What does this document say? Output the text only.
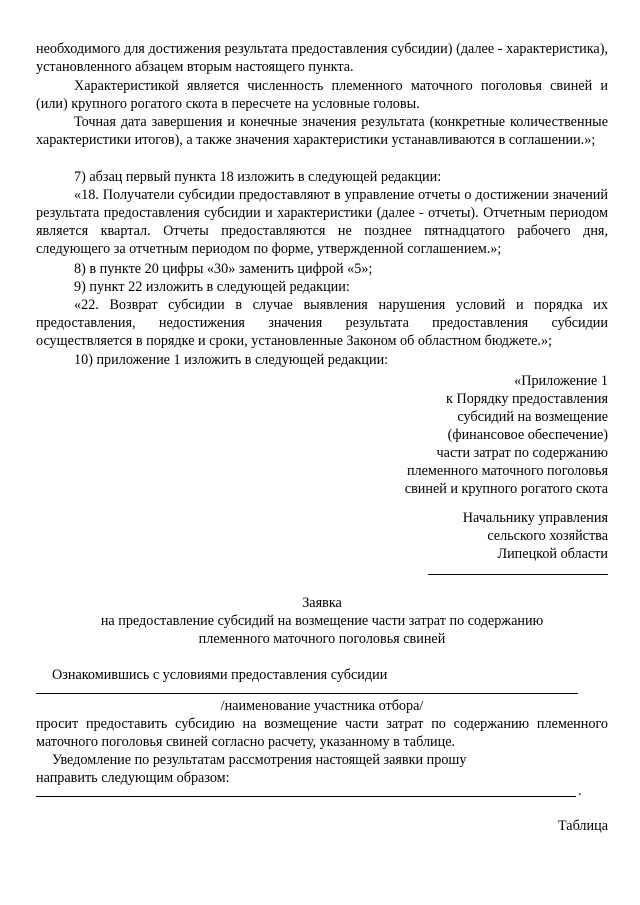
необходимого для достижения результата предоставления субсидии) (далее - характеристика), установленного абзацем вторым настоящего пункта.
Характеристикой является численность племенного маточного поголовья свиней и (или) крупного рогатого скота в пересчете на условные головы.
Точная дата завершения и конечные значения результата (конкретные количественные характеристики итогов), а также значения характеристики устанавливаются в соглашении.»;
7) абзац первый пункта 18 изложить в следующей редакции:
«18. Получатели субсидии предоставляют в управление отчеты о достижении значений результата предоставления субсидии и характеристики (далее - отчеты). Отчетным периодом является квартал. Отчеты предоставляются не позднее пятнадцатого рабочего дня, следующего за отчетным периодом по форме, утвержденной соглашением.»;
8) в пункте 20 цифры «30» заменить цифрой «5»;
9) пункт 22 изложить в следующей редакции:
«22. Возврат субсидии в случае выявления нарушения условий и порядка их предоставления, недостижения значения результата предоставления субсидии осуществляется в порядке и сроки, установленные Законом об областном бюджете.»;
10) приложение 1 изложить в следующей редакции:
«Приложение 1
к Порядку предоставления
субсидий на возмещение
(финансовое обеспечение)
части затрат по содержанию
племенного маточного поголовья
свиней и крупного рогатого скота
Начальнику управления
сельского хозяйства
Липецкой области
Заявка
на предоставление субсидий на возмещение части затрат по содержанию
племенного маточного поголовья свиней
Ознакомившись с условиями предоставления субсидии
/наименование участника отбора/
просит предоставить субсидию на возмещение части затрат по содержанию племенного маточного поголовья свиней согласно расчету, указанному в таблице.
Уведомление по результатам рассмотрения настоящей заявки прошу
направить следующим образом:
.
Таблица
